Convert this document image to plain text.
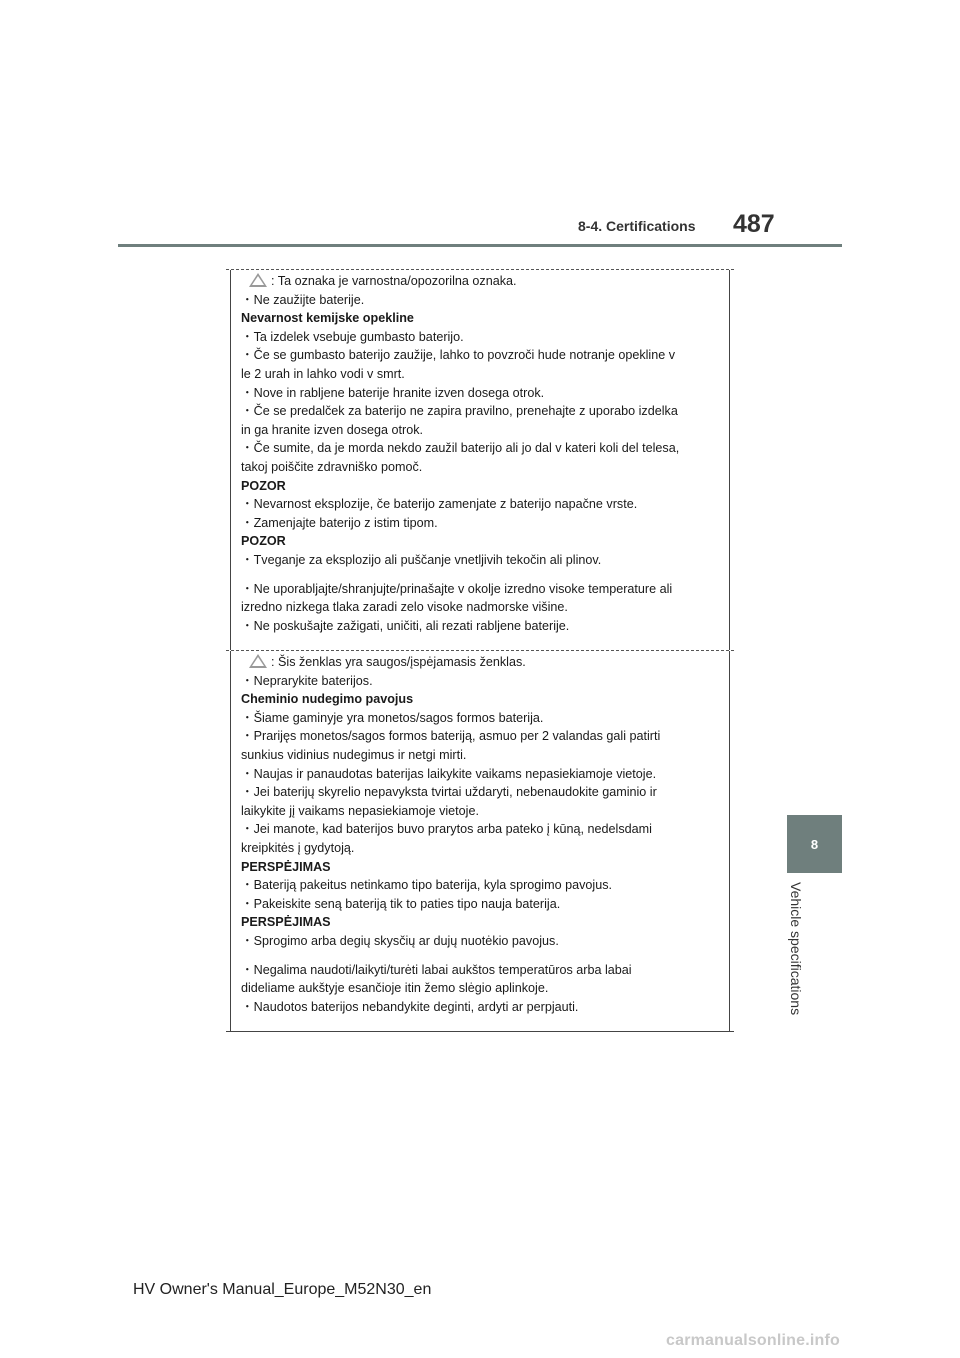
8-4. Certifications 487
8
Vehicle specifications
: Ta oznaka je varnostna/opozorilna oznaka.
・Ne zaužijte baterije.
Nevarnost kemijske opekline
・Ta izdelek vsebuje gumbasto baterijo.
・Če se gumbasto baterijo zaužije, lahko to povzroči hude notranje opekline v
le 2 urah in lahko vodi v smrt.
・Nove in rabljene baterije hranite izven dosega otrok.
・Če se predalček za baterijo ne zapira pravilno, prenehajte z uporabo izdelka
in ga hranite izven dosega otrok.
・Če sumite, da je morda nekdo zaužil baterijo ali jo dal v kateri koli del telesa,
takoj poiščite zdravniško pomoč.
POZOR
・Nevarnost eksplozije, če baterijo zamenjate z baterijo napačne vrste.
・Zamenjajte baterijo z istim tipom.
POZOR
・Tveganje za eksplozijo ali puščanje vnetljivih tekočin ali plinov.
・Ne uporabljajte/shranjujte/prinašajte v okolje izredno visoke temperature ali
izredno nizkega tlaka zaradi zelo visoke nadmorske višine.
・Ne poskušajte zažigati, uničiti, ali rezati rabljene baterije.
: Šis ženklas yra saugos/įspėjamasis ženklas.
・Neprarykite baterijos.
Cheminio nudegimo pavojus
・Šiame gaminyje yra monetos/sagos formos baterija.
・Prarijęs monetos/sagos formos bateriją, asmuo per 2 valandas gali patirti
sunkius vidinius nudegimus ir netgi mirti.
・Naujas ir panaudotas baterijas laikykite vaikams nepasiekiamoje vietoje.
・Jei baterijų skyrelio nepavyksta tvirtai uždaryti, nebenaudokite gaminio ir
laikykite jį vaikams nepasiekiamoje vietoje.
・Jei manote, kad baterijos buvo prarytos arba pateko į kūną, nedelsdami
kreipkitės į gydytoją.
PERSPĖJIMAS
・Bateriją pakeitus netinkamo tipo baterija, kyla sprogimo pavojus.
・Pakeiskite seną bateriją tik to paties tipo nauja baterija.
PERSPĖJIMAS
・Sprogimo arba degių skysčių ar dujų nuotėkio pavojus.
・Negalima naudoti/laikyti/turėti labai aukštos temperatūros arba labai
dideliame aukštyje esančioje itin žemo slėgio aplinkoje.
・Naudotos baterijos nebandykite deginti, ardyti ar perpjauti.
HV Owner's Manual_Europe_M52N30_en
carmanualsonline.info
